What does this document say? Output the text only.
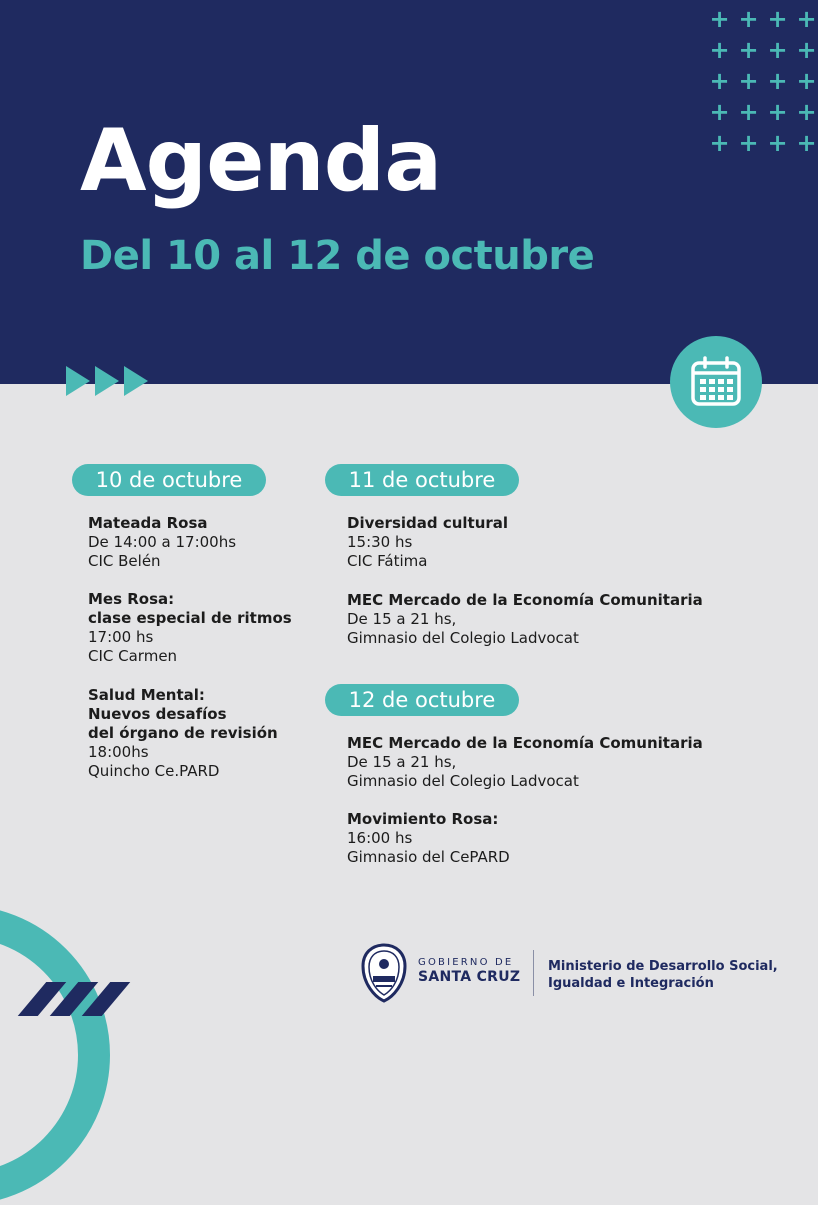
Agenda
Del 10 al 12 de octubre
+ + + ++ + + ++ + + ++ + + ++ + + +
10 de octubre
Mateada Rosa
De 14:00 a 17:00hs
CIC Belén
Mes Rosa:
clase especial de ritmos
17:00 hs
CIC Carmen
Salud Mental:
Nuevos desafíos
del órgano de revisión
18:00hs
Quincho Ce.PARD
11 de octubre
Diversidad cultural
15:30 hs
CIC Fátima
MEC Mercado de la Economía Comunitaria
De 15 a 21 hs,
Gimnasio del Colegio Ladvocat
12 de octubre
MEC Mercado de la Economía Comunitaria
De 15 a 21 hs,
Gimnasio del Colegio Ladvocat
Movimiento Rosa:
16:00 hs
Gimnasio del CePARD
GOBIERNO DE
SANTA CRUZ
Ministerio de Desarrollo Social,
Igualdad e Integración
